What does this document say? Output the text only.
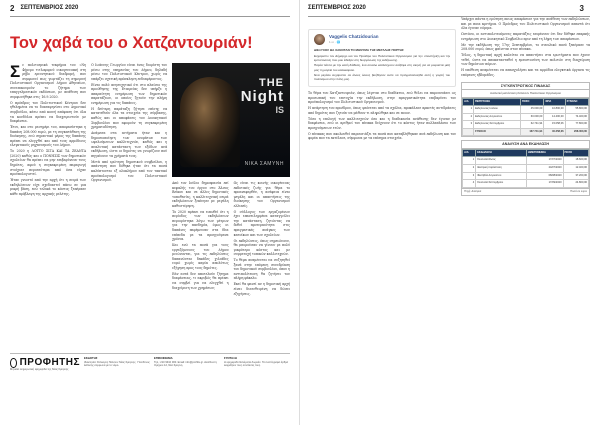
2 ΣΕΠΤΕΜΒΡΙΟΣ 2020
Τον χαβά του ο Χατζαντουριάν!
Σ ε πολιτισμικά τεκμήρια του «Νη 4ήμερο τιτλοφορού οικογενειακή στη ρήβο ερευνητικού διαδρομή, που συμφωνεί πως γιορτάζει τη σημερινή Πολιτιστικού Οργανισμού Δήμου Αθηναίων, συνεπικουρούν το ζήτημα των επαγγελματικών εκδόσεων, με ανάθεση που συμφωνήθηκε στις 16.9.2020.

Ο πρόεδρος του Πολιτιστικού Κέντρου δεν ηθελημένα να το διασαφηνίσει στο Δημοτικό συμβούλιο, κάτω από κοινή απόφαση ότι όλα τα κονδύλια πρέπει να διαχειριστούν με διαφάνεια.

Έτσι, και στο μεσημέρι του, αποφασίστηκε η δαπάνη 208.000 ευρώ, με τη συγκατάθεση της διοίκησης, ενώ σημαντικό μέρος της δαπάνης πρέπει να ελεγχθεί και από τους αρμόδιους ελεγκτικούς μηχανισμούς του Δήμου.

Το 2020 η ΛΟΤΤΟ ΣΙΓΑ ΚΑΙ ΤΑ ΖΕΑΝΤΑ (2020) καθώς και ο ΠΟΝΗΣΙΣ των δημοτικών σχολείων θα πρέπει να μην επιβαρύνουν τους δημότες, αφού η συγκεκριμένη παραγωγή στοίχισε περισσότερα από όσα είχαν προϋπολογιστεί.

Ήταν γνωστό από την αρχή ότι η σειρά των εκδηλώσεων είχε σχεδιαστεί πάνω σε μια μικρή βάση, ενώ τελικά το κόστος ξεπέρασε κάθε πρόβλεψη της αρχικής μελέτης.

Ο Ιωάννης Γεωργίου είναι ένας διορίστη του μέσω στης υπηρεσίας του Δήμου, δηλαδή μέσω του Πολιτιστικού Κέντρου, χωρίς να υπάρξει σχετική πρόσκληση ενδιαφέροντος.

Είναι πολύ ανησυχητικό ότι στο πλαίσιο της προώθησης της Εταιρείας δεν υπήρξε η απαραίτητη ενημέρωση των δημοτικών παρατάξεων, οι οποίες ζητούν την πλήρη ενημέρωση για τις δαπάνες.

Η δεύτερη παράταξη ζήτησε επίσης να κατατεθούν όλα τα στοιχεία της σύμβασης, καθώς και οι αποφάσεις του Διοικητικού Συμβουλίου που αφορούν τη συγκεκριμένη χρηματοδότηση.

Ανάμεσα στα αιτήματα ήταν και η δημοσιοποίηση των ονομάτων των ωφελούμενων καλλιτεχνών, καθώς και η αναλυτική κατάσταση των εξόδων ανά εκδήλωση, ώστε οι δημότες να γνωρίζουν πού πηγαίνουν τα χρήματά τους.

Μετά από ερώτηση δημοτικού συμβούλου, η απάντηση που δόθηκε ήταν ότι τα ποσά καλύπτονται εξ ολοκλήρου από τον τακτικό προϋπολογισμό του Πολιτιστικού Οργανισμού.

THE
Night
IS
ΝΙΚΑ ΣΑΜΥΝΗ

Από τον Ιούλιο δημοπρασία επί κεφαλής του έργου στο Άλσος Βεΐκου και σε άλλες δημοτικές τοποθεσίες, η καλλιτεχνική σειρά εκδηλώσεων ξεκίνησε με μεγάλη καθυστέρηση.

Το 2020 πρέπει να ειπωθεί ότι η περίοδος των εκδηλώσεων περιορίστηκε λόγω των μέτρων για την πανδημία, όμως οι δαπάνες παρέμειναν στα ίδια επίπεδα με τα προηγούμενα χρόνια.

Και ενώ τα ποσά για τους εργαζόμενους του Δήμου μειώνονται, για τις εκδηλώσεις δαπανώνται δεκάδες χιλιάδες ευρώ χωρίς καμία απολύτως εξήγηση προς τους δημότες.

Εάν αυτά δεν αποτελούν ζήτημα διαφάνειας, τι ακριβώς θα πρέπει να συμβεί για να ελεγχθεί η διαχείριση των χρημάτων;

Ως είναι τις κοινής οικογένειας εκδοτικές ζωής για θέμα το προαναφερθέν, η ασάφεια είναι μεγάλη και οι απαντήσεις της διοίκησης του Οργανισμού ελλιπείς.

Ο σύλλογος των εργαζομένων έχει επανειλημμένα καταγγείλει την κατάσταση, ζητώντας να δοθεί προτεραιότητα στις πραγματικές ανάγκες των κατοίκων και των σχολείων.

Οι εκδηλώσεις, όπως σημειώνουν, θα μπορούσαν να γίνουν με πολύ μικρότερο κόστος και με συμμετοχή τοπικών καλλιτεχνών.

Το θέμα αναμένεται να συζητηθεί ξανά στην επόμενη συνεδρίαση του δημοτικού συμβουλίου, όπου η αντιπολίτευση θα ζητήσει τον πλήρη φάκελο.

Εκεί θα φανεί αν η δημοτική αρχή είναι διατεθειμένη να δώσει εξηγήσεις.

ΠΡΟΦΗΤΗΣ
Μηνιαία ενημερωτική εφημερίδα της Νέας Σμύρνης
ΕΚΔΟΤΗΣ
Ιδιοκτησία: Σύλλογος Πολιτών Νέας Σμύρνης. Υπεύθυνος έκδοσης σύμφωνα με το νόμο.
ΕΠΙΚΟΙΝΩΝΙΑ
Τηλ.: 210 9310 000. Email: info@profitis.gr. Διεύθυνση: Ομήρου 12, Νέα Σμύρνη.
ΣΥΝΤΑΞΗ
Η εφημερίδα διανέμεται δωρεάν. Τα ενυπόγραφα άρθρα εκφράζουν τους συντάκτες τους.
ΣΕΠΤΕΜΒΡΙΟΣ 2020	3
Vaggelis Chatzidourian
1 ώ · 🌐

ΔΙΕΞΥΧΟΣ ΘΑ ΧΑΝΟΤΑΝ ΤΟ ΜΗΝΥΜΑ ΤΗΣ ΜΕΓΑΛΗΣ ΠΟΡΤΗΣ

Ευχαριστώ τον Δήμαρχο και τον Πρόεδρο του Πολιτιστικού Οργανισμού για την υποστήριξη και την εμπιστοσύνη που μου έδειξαν στη διοργάνωση της εκδήλωσης.

Παρέα πάντα με την καλή διάθεση, ένα σύνολο καλλιτεχνών ανέβηκε στη σκηνή για να μοιραστεί μαζί μας τη μαγεία του καλοκαιριού.

Ένα μεγάλο ευχαριστώ σε όλους όσους βοήθησαν ώστε να πραγματοποιηθεί αυτή η γιορτή του πολιτισμού στην πόλη μας.

Το θέμα του Χατζαντουριάν, όπως λέγεται στο διαδίκτυο, ενώ θέλει να παρουσιάσει ως προσωπική του επιτυχία την εκδήλωση, στην πραγματικότητα επιβαρύνει τον προϋπολογισμό του Πολιτιστικού Οργανισμού.

Η ανάρτηση του προέδρου, όπως φαίνεται από τα σχόλια, προκάλεσε αρκετές αντιδράσεις από δημότες που ζητούν να μάθουν τι πληρώθηκε και σε ποιον.

Τόσο η επιλογή των καλλιτεχνών όσο και η διαδικασία ανάθεσης δεν έγιναν με διαφάνεια, ενώ οι αριθμοί του πίνακα δείχνουν ότι το κόστος ήταν πολλαπλάσιο των προηγούμενων ετών.

Ο πίνακας που ακολουθεί παρουσιάζει τα ποσά που καταβλήθηκαν ανά εκδήλωση και τον φορέα που τα εκτέλεσε, σύμφωνα με τα επίσημα στοιχεία.

Υπάρχει πάντα η ερώτηση ποιος αποφάσισε για την ανάθεση των εκδηλώσεων, και με ποια κριτήρια. Ο Πρόεδρος του Πολιτιστικού Οργανισμού απαντά ότι όλα έγιναν νόμιμα.

Ωστόσο, οι αντιπολιτευόμενες παρατάξεις επιμένουν ότι δεν δόθηκε επαρκής ενημέρωση στο Διοικητικό Συμβούλιο πριν από τη λήψη των αποφάσεων.

Με την εκδήλωση της 17ης Σεπτεμβρίου, το συνολικό ποσό ξεπέρασε τα 208.000 ευρώ, όπως φαίνεται στον πίνακα.

Τέλος, η δημοτική αρχή καλείται να απαντήσει στα ερωτήματα που έχουν τεθεί, ώστε να αποκατασταθεί η εμπιστοσύνη των πολιτών στη διαχείριση των δημόσιων πόρων.

Η υπόθεση αναμένεται να απασχολήσει και τα αρμόδια ελεγκτικά όργανα τις επόμενες εβδομάδες.

ΣΥΓΚΕΝΤΡΩΤΙΚΟΣ ΠΙΝΑΚΑΣ
Αναλυτική κατάσταση δαπανών Πολιτιστικού Οργανισμού
Α/Α	ΠΕΡΙΓΡΑΦΗ	ΠΟΣΟ	ΦΠΑ	ΣΥΝΟΛΟ
1	Εκδηλώσεις Ιουλίου	45.000,00	10.800,00	55.800,00
2	Εκδηλώσεις Αυγούστου	60.000,00	14.400,00	74.400,00
3	Εκδηλώσεις Σεπτεμβρίου	62.741,94	15.058,06	77.800,00
	ΣΥΝΟΛΟ	167.741,94	40.258,06	208.000,00
ΑΝΑΛΥΣΗ ΑΝΑ ΕΚΔΗΛΩΣΗ
Α/Α	ΕΚΔΗΛΩΣΗ	ΗΜΕΡΟΜΗΝΙΑ	ΠΟΣΟ
1	Συναυλία Άλσος	17/07/2020	18.600,00
2	Θεατρική παράσταση	24/07/2020	12.400,00
3	Φεστιβάλ Αυγούστου	08/08/2020	37.200,00
4	Συναυλία Σεπτεμβρίου	17/09/2020	24.800,00
Πηγή: Διαύγεια	Ποσά σε ευρώ
